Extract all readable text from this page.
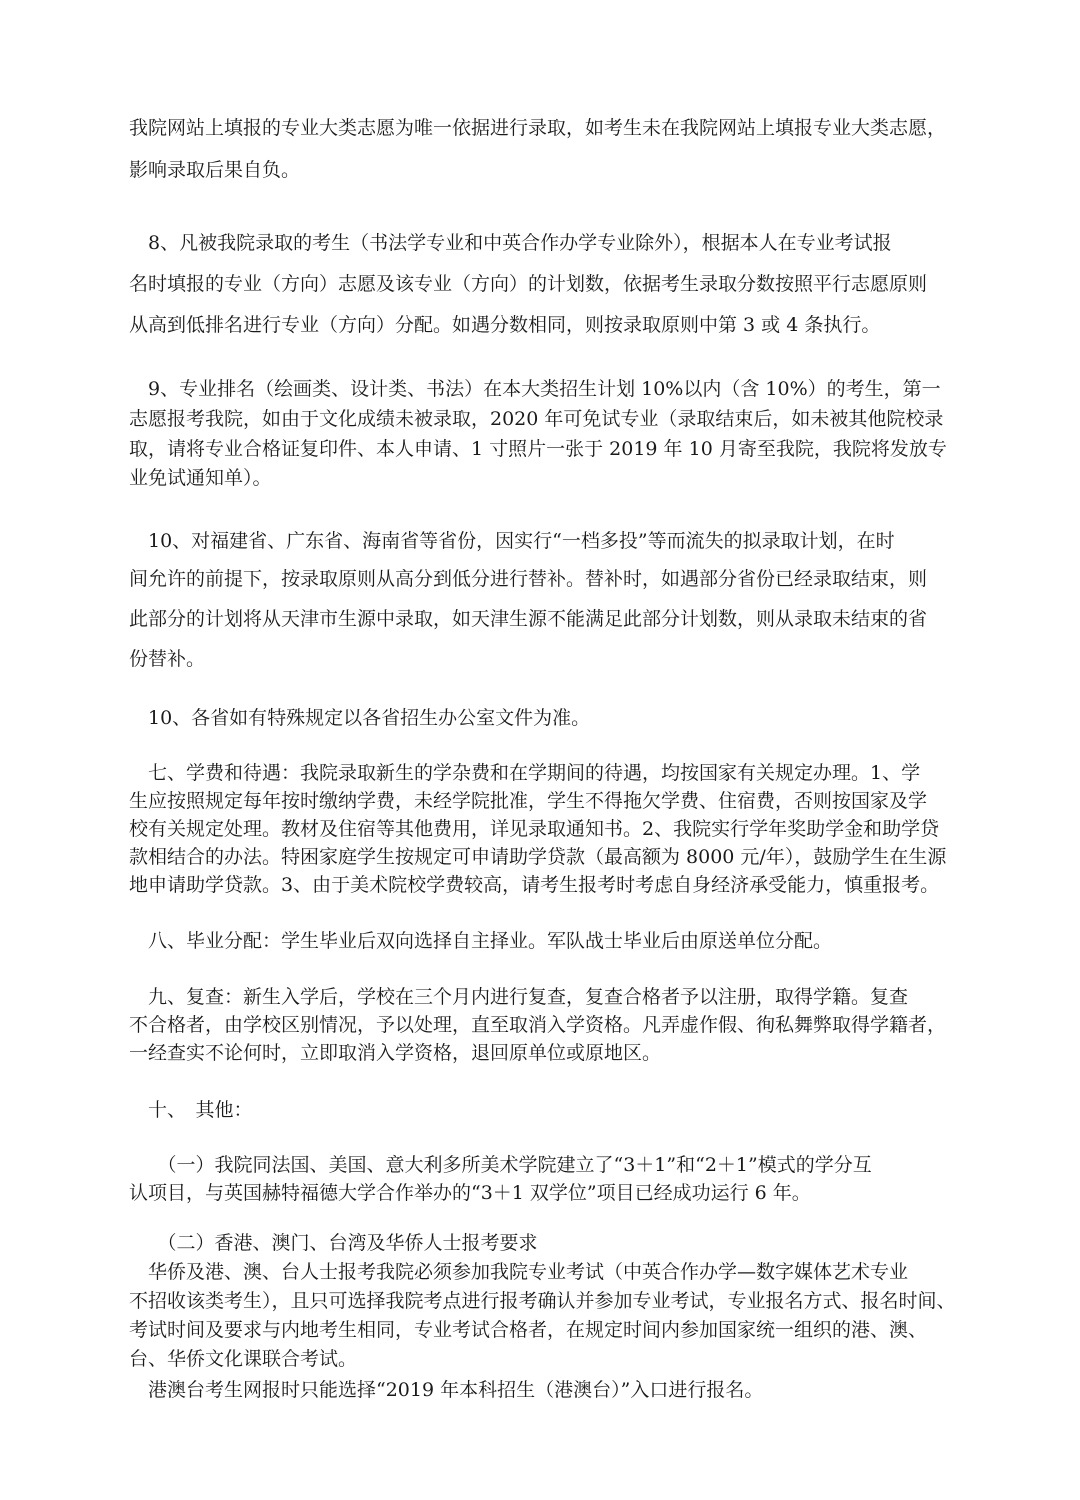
我院网站上填报的专业大类志愿为唯一依据进行录取，如考生未在我院网站上填报专业大类志愿，
影响录取后果自负。
　8、凡被我院录取的考生（书法学专业和中英合作办学专业除外），根据本人在专业考试报
名时填报的专业（方向）志愿及该专业（方向）的计划数，依据考生录取分数按照平行志愿原则
从高到低排名进行专业（方向）分配。如遇分数相同，则按录取原则中第 3 或 4 条执行。
　9、专业排名（绘画类、设计类、书法）在本大类招生计划 10%以内（含 10%）的考生，第一
志愿报考我院，如由于文化成绩未被录取，2020 年可免试专业（录取结束后，如未被其他院校录
取，请将专业合格证复印件、本人申请、1 寸照片一张于 2019 年 10 月寄至我院，我院将发放专
业免试通知单）。
　10、对福建省、广东省、海南省等省份，因实行“一档多投”等而流失的拟录取计划，在时
间允许的前提下，按录取原则从高分到低分进行替补。替补时，如遇部分省份已经录取结束，则
此部分的计划将从天津市生源中录取，如天津生源不能满足此部分计划数，则从录取未结束的省
份替补。
　10、各省如有特殊规定以各省招生办公室文件为准。
　七、学费和待遇：我院录取新生的学杂费和在学期间的待遇，均按国家有关规定办理。1、学
生应按照规定每年按时缴纳学费，未经学院批准，学生不得拖欠学费、住宿费，否则按国家及学
校有关规定处理。教材及住宿等其他费用，详见录取通知书。2、我院实行学年奖助学金和助学贷
款相结合的办法。特困家庭学生按规定可申请助学贷款（最高额为 8000 元/年），鼓励学生在生源
地申请助学贷款。3、由于美术院校学费较高，请考生报考时考虑自身经济承受能力，慎重报考。
　八、毕业分配：学生毕业后双向选择自主择业。军队战士毕业后由原送单位分配。
　九、复查：新生入学后，学校在三个月内进行复查，复查合格者予以注册，取得学籍。复查
不合格者，由学校区别情况，予以处理，直至取消入学资格。凡弄虚作假、徇私舞弊取得学籍者，
一经查实不论何时，立即取消入学资格，退回原单位或原地区。
　十、　其他：
　　（一）我院同法国、美国、意大利多所美术学院建立了“3＋1”和“2＋1”模式的学分互
认项目，与英国赫特福德大学合作举办的“3＋1 双学位”项目已经成功运行 6 年。
　　（二）香港、澳门、台湾及华侨人士报考要求
　华侨及港、澳、台人士报考我院必须参加我院专业考试（中英合作办学—数字媒体艺术专业
不招收该类考生），且只可选择我院考点进行报考确认并参加专业考试，专业报名方式、报名时间、
考试时间及要求与内地考生相同，专业考试合格者，在规定时间内参加国家统一组织的港、澳、
台、华侨文化课联合考试。
　港澳台考生网报时只能选择“2019 年本科招生（港澳台）”入口进行报名。
